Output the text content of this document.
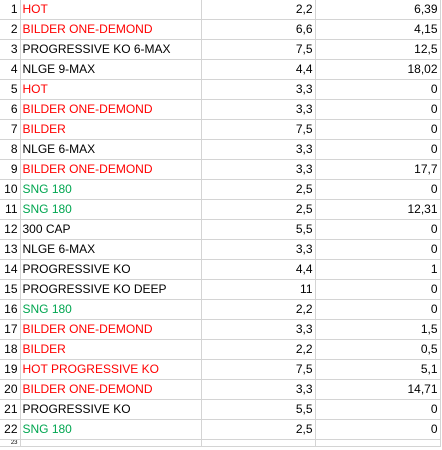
1	HOT	2,2	6,39
2	BILDER ONE-DEMOND	6,6	4,15
3	PROGRESSIVE KO 6-MAX	7,5	12,5
4	NLGE 9-MAX	4,4	18,02
5	HOT	3,3	0
6	BILDER ONE-DEMOND	3,3	0
7	BILDER	7,5	0
8	NLGE 6-MAX	3,3	0
9	BILDER ONE-DEMOND	3,3	17,7
10	SNG 180	2,5	0
11	SNG 180	2,5	12,31
12	300 CAP	5,5	0
13	NLGE 6-MAX	3,3	0
14	PROGRESSIVE KO	4,4	1
15	PROGRESSIVE KO DEEP	11	0
16	SNG 180	2,2	0
17	BILDER ONE-DEMOND	3,3	1,5
18	BILDER	2,2	0,5
19	HOT PROGRESSIVE KO	7,5	5,1
20	BILDER ONE-DEMOND	3,3	14,71
21	PROGRESSIVE KO	5,5	0
22	SNG 180	2,5	0
23			
